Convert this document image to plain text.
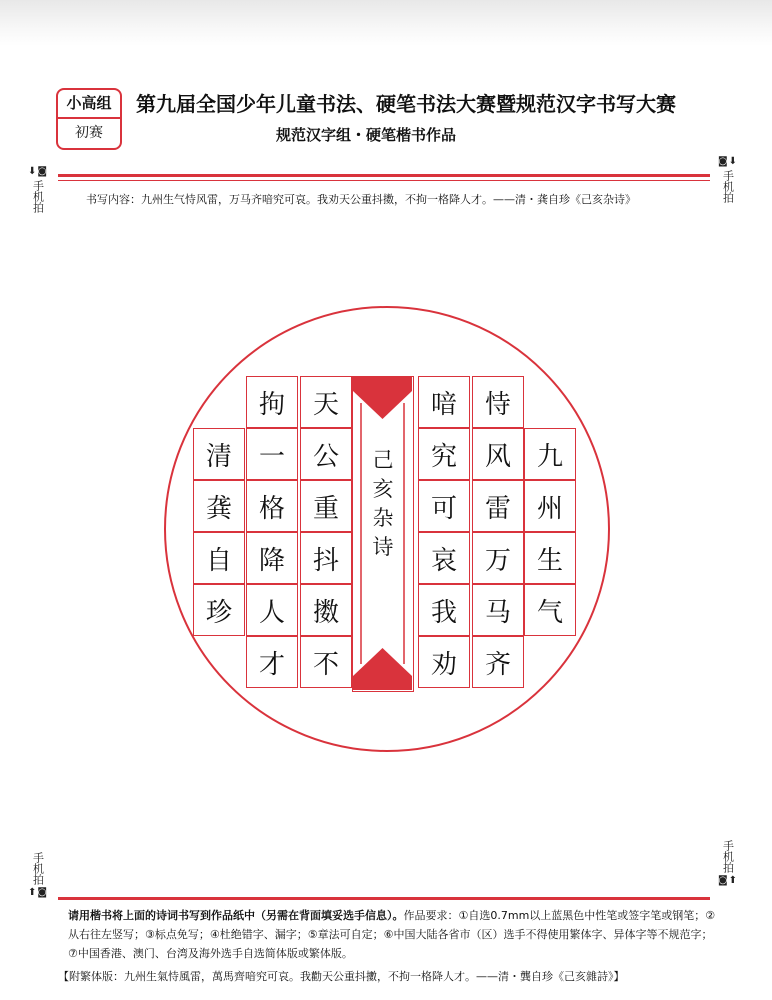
小高组
初赛
第九届全国少年儿童书法、硬笔书法大赛暨规范汉字书写大赛
规范汉字组・硬笔楷书作品
⬇◙
手机拍
◙⬇
手机拍
手机拍
⬆◙
手机拍
◙⬆
书写内容：九州生气恃风雷，万马齐喑究可哀。我劝天公重抖擞，不拘一格降人才。——清・龚自珍《己亥杂诗》
九
州
生
气
恃
风
雷
万
马
齐
喑
究
可
哀
我
劝
天
公
重
抖
擞
不
拘
一
格
降
人
才
清
龚
自
珍
己亥杂诗
请用楷书将上面的诗词书写到作品纸中（另需在背面填妥选手信息）。作品要求：①自选0.7mm以上蓝黑色中性笔或签字笔或钢笔；②从右往左竖写；③标点免写；④杜绝错字、漏字；⑤章法可自定；⑥中国大陆各省市（区）选手不得使用繁体字、异体字等不规范字；⑦中国香港、澳门、台湾及海外选手自选简体版或繁体版。
【附繁体版：九州生氣恃風雷，萬馬齊喑究可哀。我勸天公重抖擻，不拘一格降人才。——清・龔自珍《己亥雜詩》】
